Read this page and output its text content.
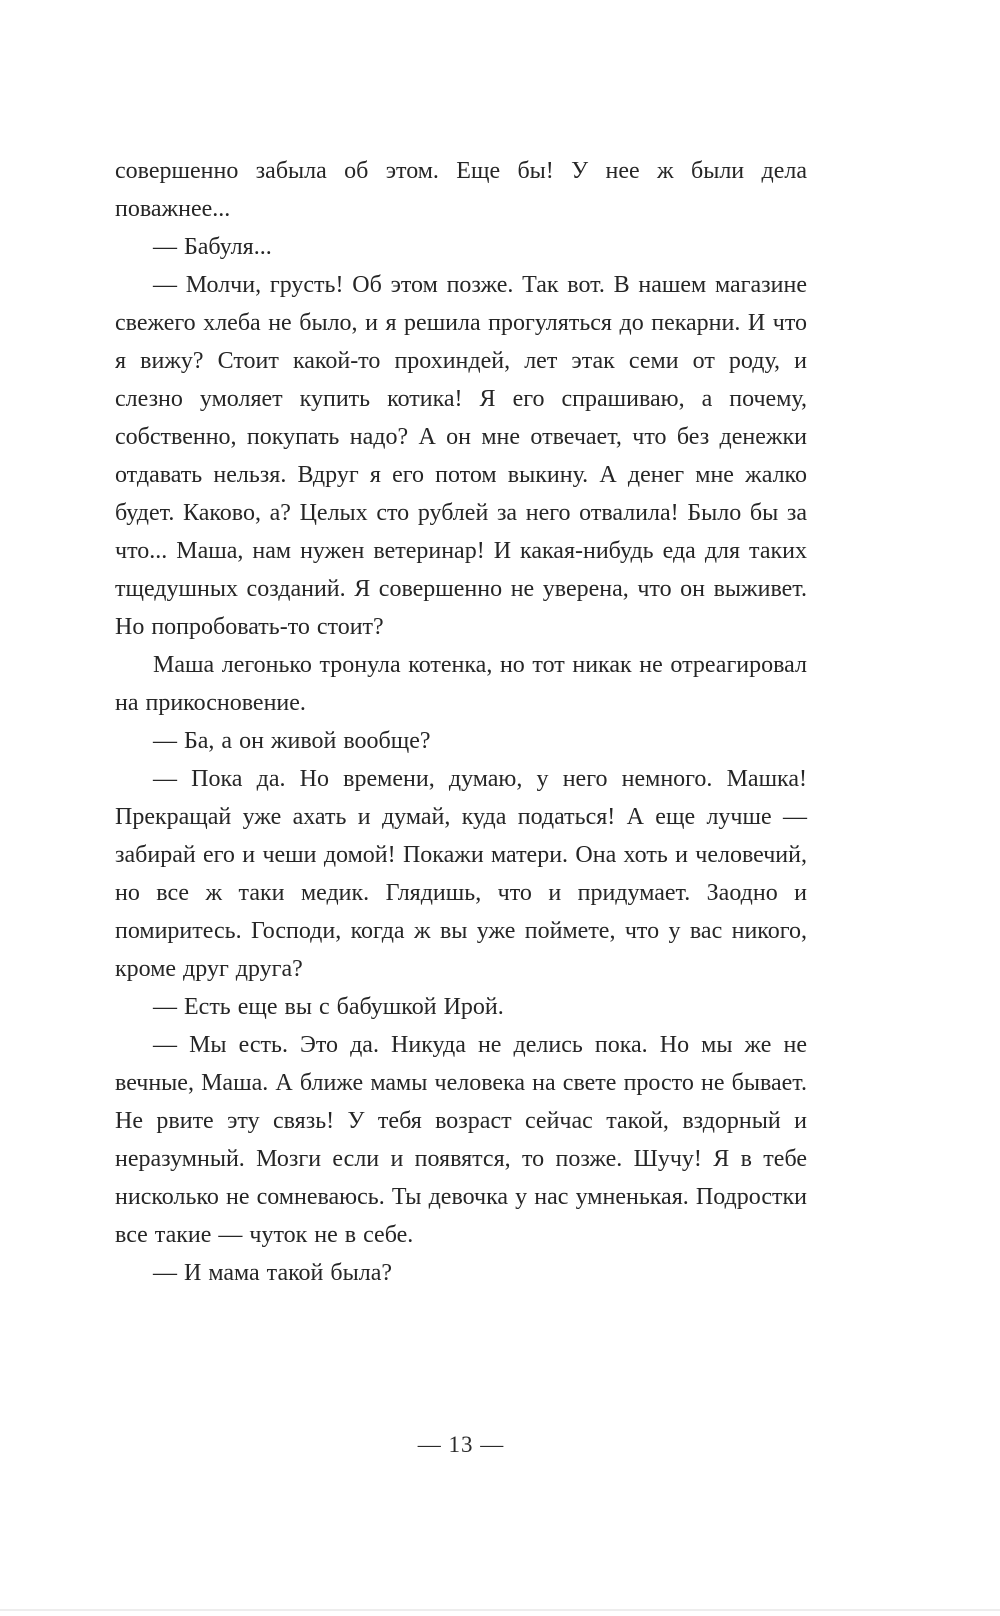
совершенно забыла об этом. Еще бы! У нее ж были дела поважнее...

— Бабуля...

— Молчи, грусть! Об этом позже. Так вот. В нашем магазине свежего хлеба не было, и я решила прогуляться до пекарни. И что я вижу? Стоит какой-то прохиндей, лет этак семи от роду, и слезно умоляет купить котика! Я его спрашиваю, а почему, собственно, покупать надо? А он мне отвечает, что без денежки отдавать нельзя. Вдруг я его потом выкину. А денег мне жалко будет. Каково, а? Целых сто рублей за него отвалила! Было бы за что... Маша, нам нужен ветеринар! И какая-нибудь еда для таких тщедушных созданий. Я совершенно не уверена, что он выживет. Но попробовать-то стоит?

Маша легонько тронула котенка, но тот никак не отреагировал на прикосновение.

— Ба, а он живой вообще?

— Пока да. Но времени, думаю, у него немного. Машка! Прекращай уже ахать и думай, куда податься! А еще лучше — забирай его и чеши домой! Покажи матери. Она хоть и человечий, но все ж таки медик. Глядишь, что и придумает. Заодно и помиритесь. Господи, когда ж вы уже поймете, что у вас никого, кроме друг друга?

— Есть еще вы с бабушкой Ирой.

— Мы есть. Это да. Никуда не делись пока. Но мы же не вечные, Маша. А ближе мамы человека на свете просто не бывает. Не рвите эту связь! У тебя возраст сейчас такой, вздорный и неразумный. Мозги если и появятся, то позже. Шучу! Я в тебе нисколько не сомневаюсь. Ты девочка у нас умненькая. Подростки все такие — чуток не в себе.

— И мама такой была?

— 13 —
